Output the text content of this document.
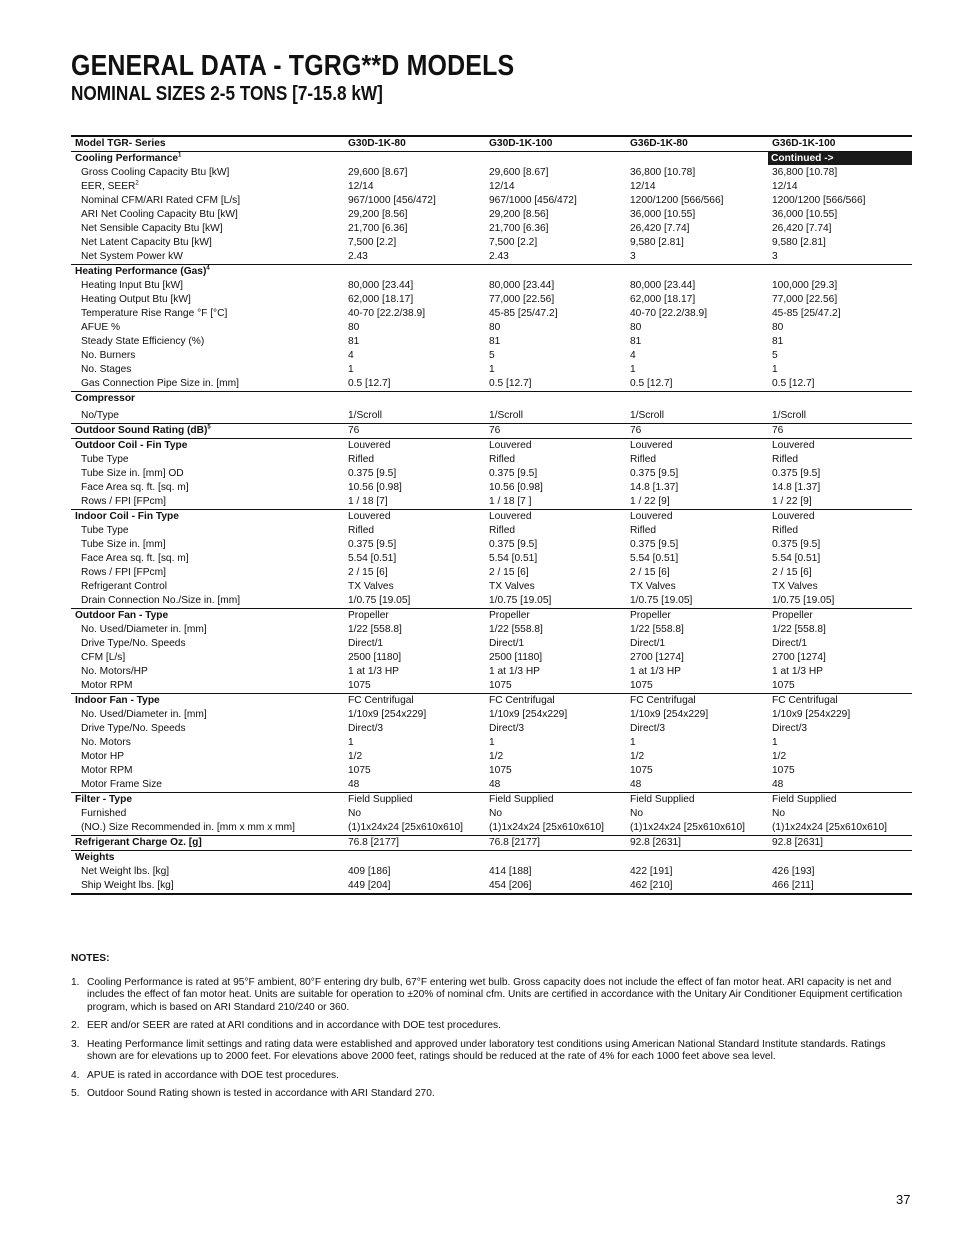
GENERAL DATA - TGRG**D MODELS
NOMINAL SIZES 2-5 TONS [7-15.8 kW]
Model TGR- Series	G30D-1K-80	G30D-1K-100	G36D-1K-80	G36D-1K-100
Cooling Performance$^1$				Continued ->

Gross Cooling Capacity Btu [kW]	29,600 [8.67]	29,600 [8.67]	36,800 [10.78]	36,800 [10.78]
EER, SEER$^2$	12/14	12/14	12/14	12/14
Nominal CFM/ARI Rated CFM [L/s]	967/1000 [456/472]	967/1000 [456/472]	1200/1200 [566/566]	1200/1200 [566/566]
ARI Net Cooling Capacity Btu [kW]	29,200 [8.56]	29,200 [8.56]	36,000 [10.55]	36,000 [10.55]
Net Sensible Capacity Btu [kW]	21,700 [6.36]	21,700 [6.36]	26,420 [7.74]	26,420 [7.74]
Net Latent Capacity Btu [kW]	7,500 [2.2]	7,500 [2.2]	9,580 [2.81]	9,580 [2.81]
Net System Power kW	2.43	2.43	3	3
Heating Performance (Gas)$^4$				
Heating Input Btu [kW]	80,000 [23.44]	80,000 [23.44]	80,000 [23.44]	100,000 [29.3]
Heating Output Btu [kW]	62,000 [18.17]	77,000 [22.56]	62,000 [18.17]	77,000 [22.56]
Temperature Rise Range °F [°C]	40-70 [22.2/38.9]	45-85 [25/47.2]	40-70 [22.2/38.9]	45-85 [25/47.2]
AFUE %	80	80	80	80
Steady State Efficiency (%)	81	81	81	81
No. Burners	4	5	4	5
No. Stages	1	1	1	1
Gas Connection Pipe Size in. [mm]	0.5 [12.7]	0.5 [12.7]	0.5 [12.7]	0.5 [12.7]
Compressor				
No/Type	1/Scroll	1/Scroll	1/Scroll	1/Scroll
Outdoor Sound Rating (dB)$^5$	76	76	76	76
Outdoor Coil - Fin Type	Louvered	Louvered	Louvered	Louvered
Tube Type	Rifled	Rifled	Rifled	Rifled
Tube Size in. [mm] OD	0.375 [9.5]	0.375 [9.5]	0.375 [9.5]	0.375 [9.5]
Face Area sq. ft. [sq. m]	10.56 [0.98]	10.56 [0.98]	14.8 [1.37]	14.8 [1.37]
Rows / FPI [FPcm]	1 / 18 [7]	1 / 18 [7 ]	1 / 22 [9]	1 / 22 [9]
Indoor Coil - Fin Type	Louvered	Louvered	Louvered	Louvered
Tube Type	Rifled	Rifled	Rifled	Rifled
Tube Size in. [mm]	0.375 [9.5]	0.375 [9.5]	0.375 [9.5]	0.375 [9.5]
Face Area sq. ft. [sq. m]	5.54 [0.51]	5.54 [0.51]	5.54 [0.51]	5.54 [0.51]
Rows / FPI [FPcm]	2 / 15 [6]	2 / 15 [6]	2 / 15 [6]	2 / 15 [6]
Refrigerant Control	TX Valves	TX Valves	TX Valves	TX Valves
Drain Connection No./Size in. [mm]	1/0.75 [19.05]	1/0.75 [19.05]	1/0.75 [19.05]	1/0.75 [19.05]
Outdoor Fan - Type	Propeller	Propeller	Propeller	Propeller
No. Used/Diameter in. [mm]	1/22 [558.8]	1/22 [558.8]	1/22 [558.8]	1/22 [558.8]
Drive Type/No. Speeds	Direct/1	Direct/1	Direct/1	Direct/1
CFM [L/s]	2500 [1180]	2500 [1180]	2700 [1274]	2700 [1274]
No. Motors/HP	1 at 1/3 HP	1 at 1/3 HP	1 at 1/3 HP	1 at 1/3 HP
Motor RPM	1075	1075	1075	1075
Indoor Fan - Type	FC Centrifugal	FC Centrifugal	FC Centrifugal	FC Centrifugal
No. Used/Diameter in. [mm]	1/10x9 [254x229]	1/10x9 [254x229]	1/10x9 [254x229]	1/10x9 [254x229]
Drive Type/No. Speeds	Direct/3	Direct/3	Direct/3	Direct/3
No. Motors	1	1	1	1
Motor HP	1/2	1/2	1/2	1/2
Motor RPM	1075	1075	1075	1075
Motor Frame Size	48	48	48	48
Filter - Type	Field Supplied	Field Supplied	Field Supplied	Field Supplied
Furnished	No	No	No	No
(NO.) Size Recommended in. [mm x mm x mm]	(1)1x24x24 [25x610x610]	(1)1x24x24 [25x610x610]	(1)1x24x24 [25x610x610]	(1)1x24x24 [25x610x610]
Refrigerant Charge Oz. [g]	76.8 [2177]	76.8 [2177]	92.8 [2631]	92.8 [2631]
Weights				
Net Weight lbs. [kg]	409 [186]	414 [188]	422 [191]	426 [193]
Ship Weight lbs. [kg]	449 [204]	454 [206]	462 [210]	466 [211]

NOTES:

1. Cooling Performance is rated at 95°F ambient, 80°F entering dry bulb, 67°F entering wet bulb. Gross capacity does not include the effect of fan motor heat. ARI capacity is net and includes the effect of fan motor heat. Units are suitable for operation to ±20% of nominal cfm. Units are certified in accordance with the Unitary Air Conditioner Equipment certification program, which is based on ARI Standard 210/240 or 360.
2. EER and/or SEER are rated at ARI conditions and in accordance with DOE test procedures.
3. Heating Performance limit settings and rating data were established and approved under laboratory test conditions using American National Standard Institute standards. Ratings shown are for elevations up to 2000 feet. For elevations above 2000 feet, ratings should be reduced at the rate of 4% for each 1000 feet above sea level.
4. APUE is rated in accordance with DOE test procedures.
5. Outdoor Sound Rating shown is tested in accordance with ARI Standard 270.
37
